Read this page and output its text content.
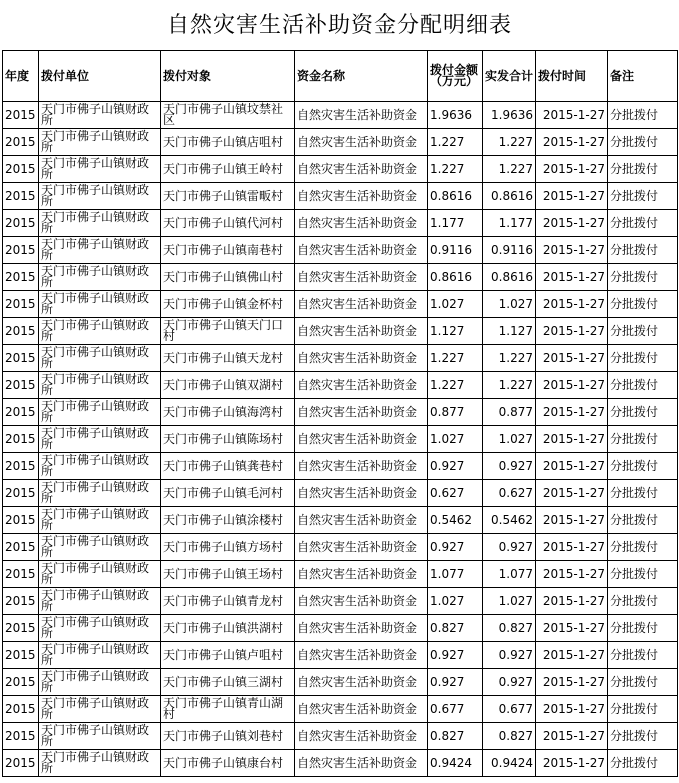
自然灾害生活补助资金分配明细表
年度	拨付单位	拨付对象	资金名称	拨付金额（万元）	实发合计	拨付时间	备注
2015	天门市佛子山镇财政所	天门市佛子山镇坟禁社区	自然灾害生活补助资金	1.9636	1.9636	2015-1-27	分批拨付
2015	天门市佛子山镇财政所	天门市佛子山镇店咀村	自然灾害生活补助资金	1.227	1.227	2015-1-27	分批拨付
2015	天门市佛子山镇财政所	天门市佛子山镇王岭村	自然灾害生活补助资金	1.227	1.227	2015-1-27	分批拨付
2015	天门市佛子山镇财政所	天门市佛子山镇雷畈村	自然灾害生活补助资金	0.8616	0.8616	2015-1-27	分批拨付
2015	天门市佛子山镇财政所	天门市佛子山镇代河村	自然灾害生活补助资金	1.177	1.177	2015-1-27	分批拨付
2015	天门市佛子山镇财政所	天门市佛子山镇南巷村	自然灾害生活补助资金	0.9116	0.9116	2015-1-27	分批拨付
2015	天门市佛子山镇财政所	天门市佛子山镇佛山村	自然灾害生活补助资金	0.8616	0.8616	2015-1-27	分批拨付
2015	天门市佛子山镇财政所	天门市佛子山镇金杯村	自然灾害生活补助资金	1.027	1.027	2015-1-27	分批拨付
2015	天门市佛子山镇财政所	天门市佛子山镇天门口村	自然灾害生活补助资金	1.127	1.127	2015-1-27	分批拨付
2015	天门市佛子山镇财政所	天门市佛子山镇天龙村	自然灾害生活补助资金	1.227	1.227	2015-1-27	分批拨付
2015	天门市佛子山镇财政所	天门市佛子山镇双湖村	自然灾害生活补助资金	1.227	1.227	2015-1-27	分批拨付
2015	天门市佛子山镇财政所	天门市佛子山镇海湾村	自然灾害生活补助资金	0.877	0.877	2015-1-27	分批拨付
2015	天门市佛子山镇财政所	天门市佛子山镇陈场村	自然灾害生活补助资金	1.027	1.027	2015-1-27	分批拨付
2015	天门市佛子山镇财政所	天门市佛子山镇龚巷村	自然灾害生活补助资金	0.927	0.927	2015-1-27	分批拨付
2015	天门市佛子山镇财政所	天门市佛子山镇毛河村	自然灾害生活补助资金	0.627	0.627	2015-1-27	分批拨付
2015	天门市佛子山镇财政所	天门市佛子山镇涂楼村	自然灾害生活补助资金	0.5462	0.5462	2015-1-27	分批拨付
2015	天门市佛子山镇财政所	天门市佛子山镇方场村	自然灾害生活补助资金	0.927	0.927	2015-1-27	分批拨付
2015	天门市佛子山镇财政所	天门市佛子山镇王场村	自然灾害生活补助资金	1.077	1.077	2015-1-27	分批拨付
2015	天门市佛子山镇财政所	天门市佛子山镇青龙村	自然灾害生活补助资金	1.027	1.027	2015-1-27	分批拨付
2015	天门市佛子山镇财政所	天门市佛子山镇洪湖村	自然灾害生活补助资金	0.827	0.827	2015-1-27	分批拨付
2015	天门市佛子山镇财政所	天门市佛子山镇卢咀村	自然灾害生活补助资金	0.927	0.927	2015-1-27	分批拨付
2015	天门市佛子山镇财政所	天门市佛子山镇三湖村	自然灾害生活补助资金	0.927	0.927	2015-1-27	分批拨付
2015	天门市佛子山镇财政所	天门市佛子山镇青山湖村	自然灾害生活补助资金	0.677	0.677	2015-1-27	分批拨付
2015	天门市佛子山镇财政所	天门市佛子山镇刘巷村	自然灾害生活补助资金	0.827	0.827	2015-1-27	分批拨付
2015	天门市佛子山镇财政所	天门市佛子山镇康台村	自然灾害生活补助资金	0.9424	0.9424	2015-1-27	分批拨付
